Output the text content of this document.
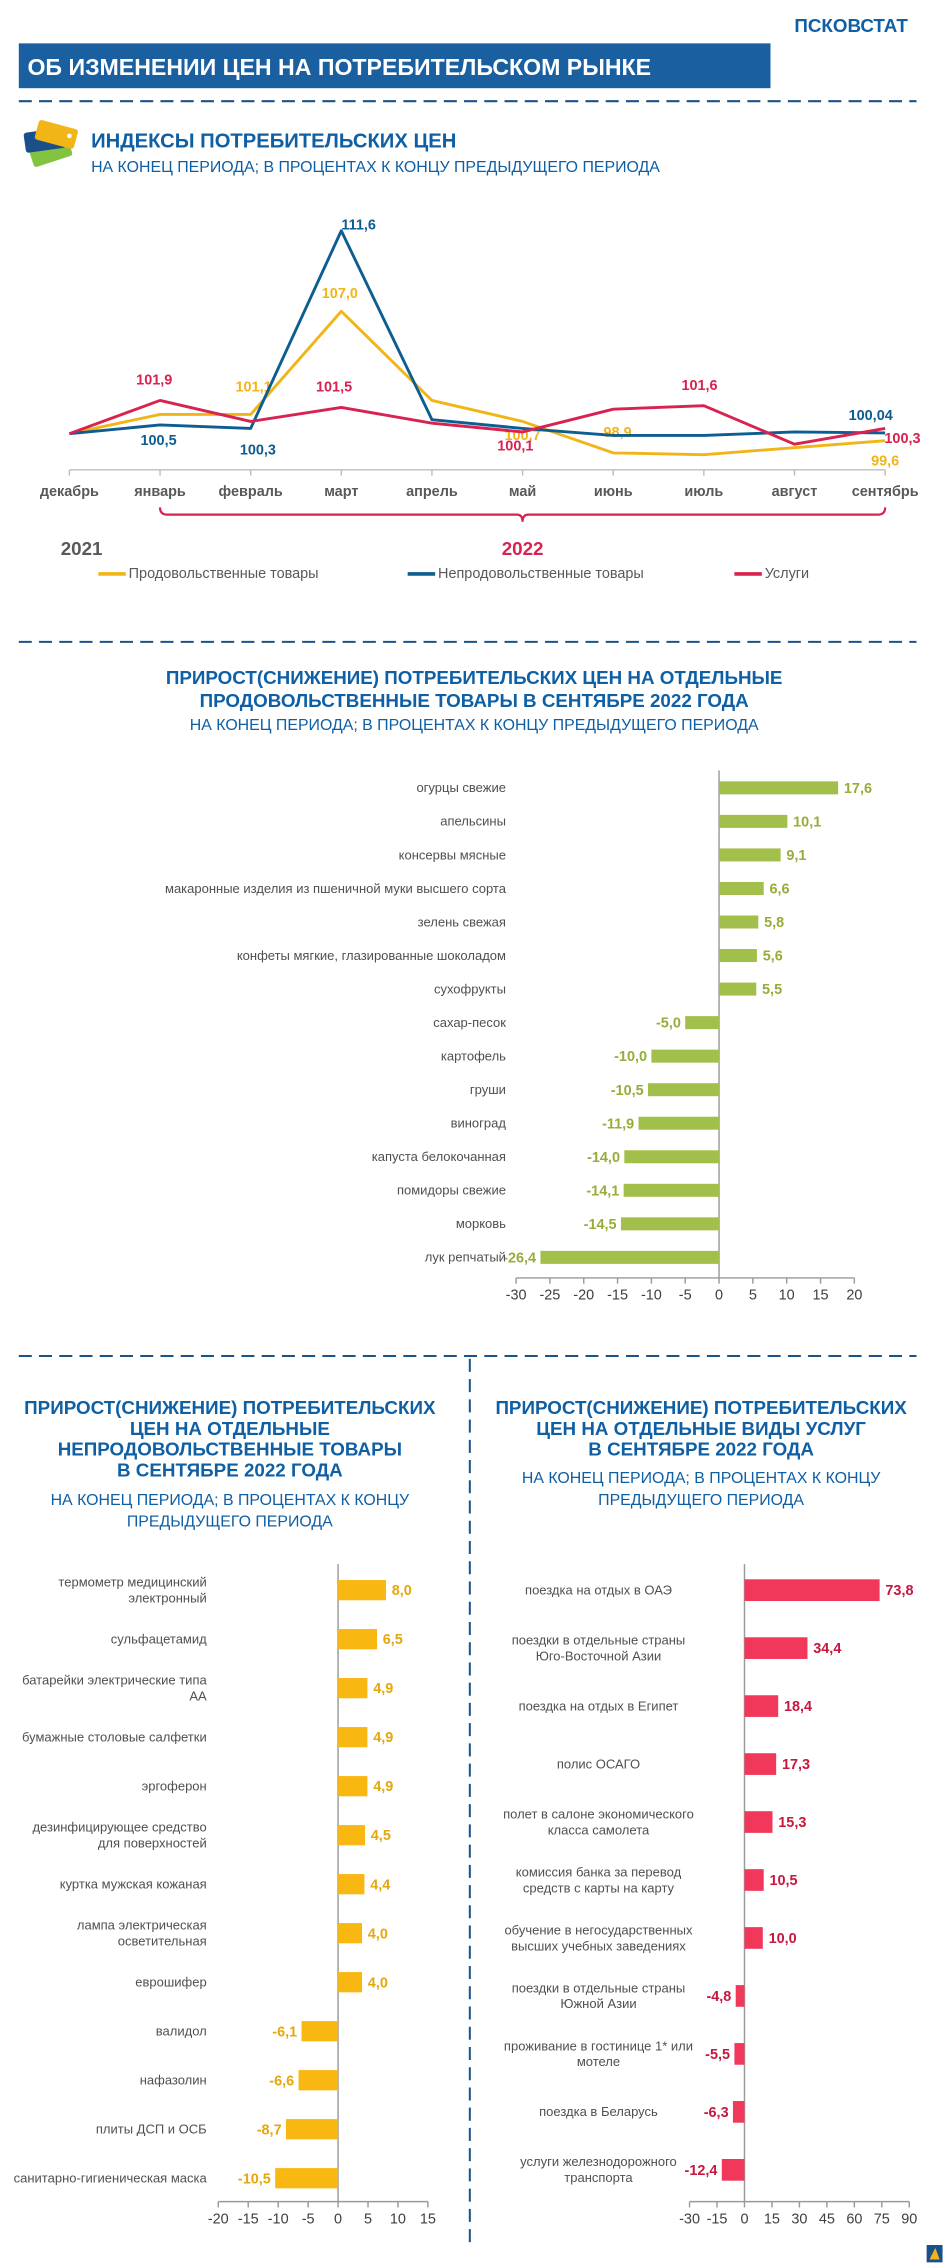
ПСКОВСТАТ
ОБ ИЗМЕНЕНИИ ЦЕН НА ПОТРЕБИТЕЛЬСКОМ РЫНКЕ
ИНДЕКСЫ ПОТРЕБИТЕЛЬСКИХ ЦЕН
НА КОНЕЦ ПЕРИОДА; В ПРОЦЕНТАХ К КОНЦУ ПРЕДЫДУЩЕГО ПЕРИОДА
декабрь	январь	февраль	март	апрель	май	июнь	июль	август	сентябрь
2021	2022
101,1
107,0
100,7	98,9
99,6
100,5
100,3
111,6
100,04
101,9	101,5
100,1
101,6
100,3
Продовольственные товары	Непродовольственные товары	Услуги
ПРИРОСТ(СНИЖЕНИЕ) ПОТРЕБИТЕЛЬСКИХ ЦЕН НА ОТДЕЛЬНЫЕ
ПРОДОВОЛЬСТВЕННЫЕ ТОВАРЫ В СЕНТЯБРЕ 2022 ГОДА
НА КОНЕЦ ПЕРИОДА; В ПРОЦЕНТАХ К КОНЦУ ПРЕДЫДУЩЕГО ПЕРИОДА
-30 -25 -20 -15 -10 -5 0	5 10 15 20
17,6
огурцы свежие
10,1
апельсины
9,1
консервы мясные
6,6
макаронные изделия из пшеничной муки высшего сорта
5,8
зелень свежая
5,6
конфеты мягкие, глазированные шоколадом
5,5
сухофрукты
-5,0
сахар-песок
-10,0
картофель
-10,5
груши
-11,9
виноград
-14,0
капуста белокочанная
-14,1
помидоры свежие
-14,5
морковь
-26,4
лук репчатый
ПРИРОСТ(СНИЖЕНИЕ) ПОТРЕБИТЕЛЬСКИХ
ЦЕН НА ОТДЕЛЬНЫЕ
НЕПРОДОВОЛЬСТВЕННЫЕ ТОВАРЫ
В СЕНТЯБРЕ 2022 ГОДА
НА КОНЕЦ ПЕРИОДА; В ПРОЦЕНТАХ К КОНЦУ
ПРЕДЫДУЩЕГО ПЕРИОДА
-20 -15 -10 -5 0 5 10 15
8,0
термометр медицинский
электронный
6,5
сульфацетамид
4,9
батарейки электрические типа
АА
4,9
бумажные столовые салфетки
4,9
эргоферон
4,5
дезинфицирующее средство
для поверхностей
4,4
куртка мужская кожаная
4,0
лампа электрическая
осветительная
4,0
еврошифер
-6,1
валидол
-6,6
нафазолин
-8,7
плиты ДСП и ОСБ
-10,5
санитарно-гигиеническая маска
ПРИРОСТ(СНИЖЕНИЕ) ПОТРЕБИТЕЛЬСКИХ
ЦЕН НА ОТДЕЛЬНЫЕ ВИДЫ УСЛУГ
В СЕНТЯБРЕ 2022 ГОДА
НА КОНЕЦ ПЕРИОДА; В ПРОЦЕНТАХ К КОНЦУ
ПРЕДЫДУЩЕГО ПЕРИОДА
-30 -15 0 15 30 45 60 75 90
73,8
поездка на отдых в ОАЭ
34,4
поездки в отдельные страны
Юго-Восточной Азии
18,4
поездка на отдых в Египет
17,3
полис ОСАГО
15,3
полет в салоне экономического
класса самолета
10,5
комиссия банка за перевод
средств с карты на карту
10,0
обучение в негосударственных
высших учебных заведениях
-4,8
поездки в отдельные страны
Южной Азии
-5,5
проживание в гостинице 1* или
мотеле
-6,3
поездка в Беларусь
-12,4
услуги железнодорожного
транспорта
